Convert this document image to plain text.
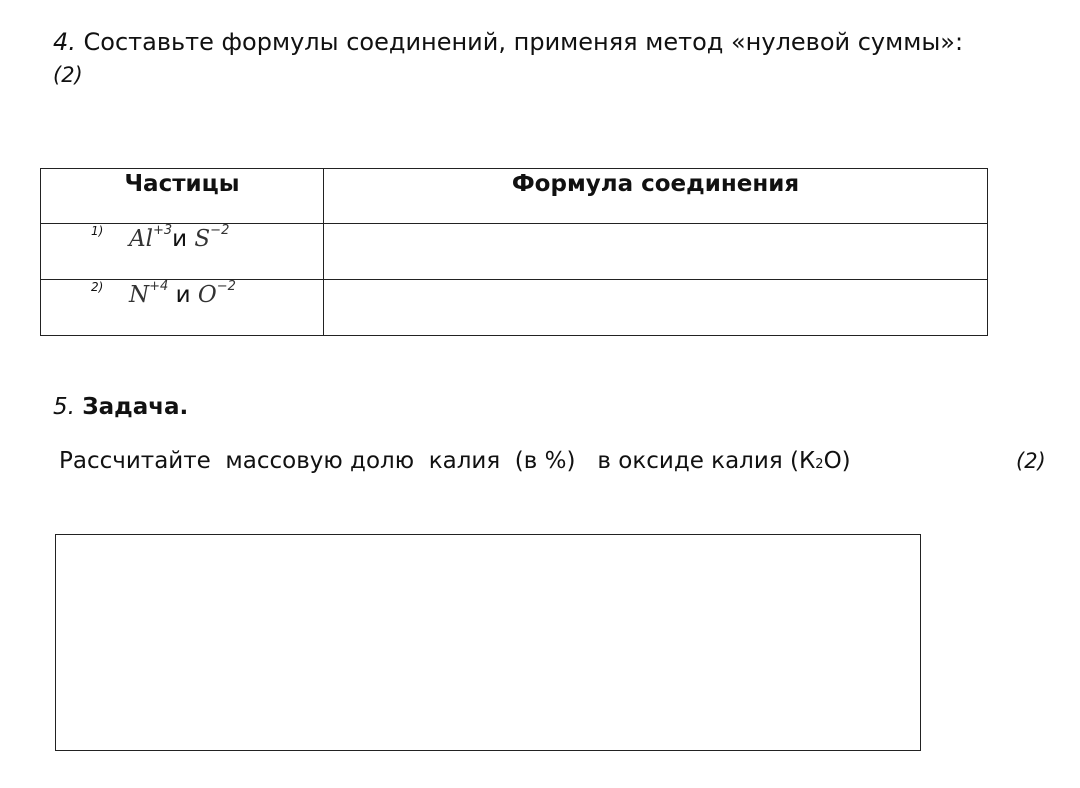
4. Составьте формулы соединений, применяя метод «нулевой суммы»:
(2)
Частицы	Формула соединения

1) $Al^{+3}и$ $S^{-2}$

2) $N^{+4}$ и $O^{-2}$

5. Задача.
Рассчитайте  массовую долю  калия  (в %)   в оксиде калия (К2О)	(2)
